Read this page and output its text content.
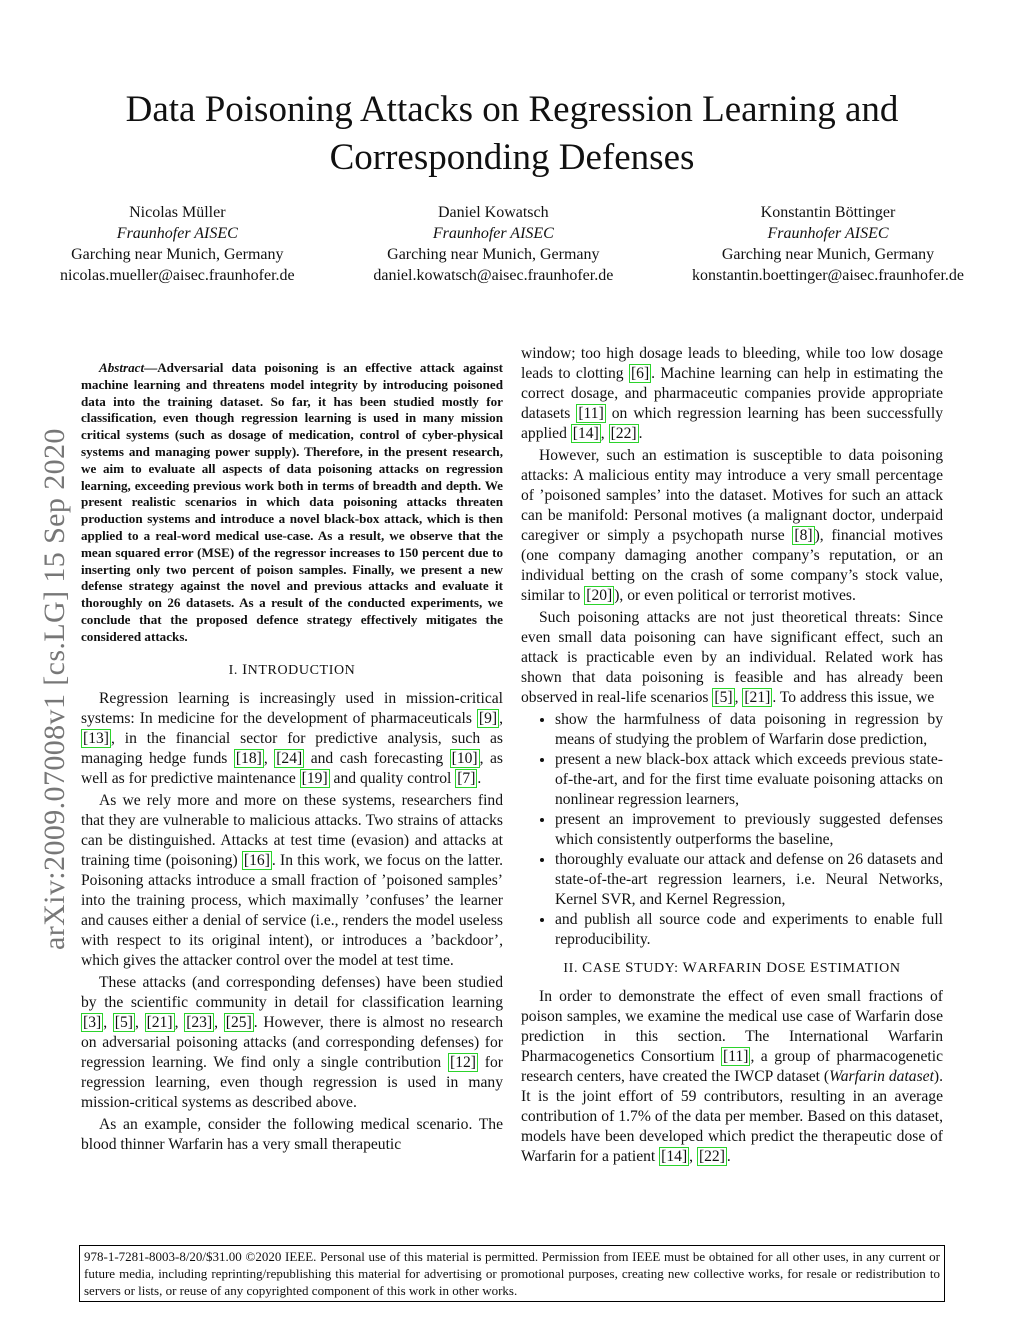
Data Poisoning Attacks on Regression Learning and Corresponding Defenses
Nicolas Müller
Fraunhofer AISEC
Garching near Munich, Germany
nicolas.mueller@aisec.fraunhofer.de
Daniel Kowatsch
Fraunhofer AISEC
Garching near Munich, Germany
daniel.kowatsch@aisec.fraunhofer.de
Konstantin Böttinger
Fraunhofer AISEC
Garching near Munich, Germany
konstantin.boettinger@aisec.fraunhofer.de
arXiv:2009.07008v1 [cs.LG] 15 Sep 2020

Abstract—Adversarial data poisoning is an effective attack against machine learning and threatens model integrity by introducing poisoned data into the training dataset. So far, it has been studied mostly for classification, even though regression learning is used in many mission critical systems (such as dosage of medication, control of cyber-physical systems and managing power supply). Therefore, in the present research, we aim to evaluate all aspects of data poisoning attacks on regression learning, exceeding previous work both in terms of breadth and depth. We present realistic scenarios in which data poisoning attacks threaten production systems and introduce a novel black-box attack, which is then applied to a real-word medical use-case. As a result, we observe that the mean squared error (MSE) of the regressor increases to 150 percent due to inserting only two percent of poison samples. Finally, we present a new defense strategy against the novel and previous attacks and evaluate it thoroughly on 26 datasets. As a result of the conducted experiments, we conclude that the proposed defence strategy effectively mitigates the considered attacks.

I. INTRODUCTION

Regression learning is increasingly used in mission-critical systems: In medicine for the development of pharmaceuticals [9] , [13] , in the financial sector for predictive analysis, such as managing hedge funds [18] , [24] and cash forecasting [10] , as well as for predictive maintenance [19] and quality control [7] .

As we rely more and more on these systems, researchers find that they are vulnerable to malicious attacks. Two strains of attacks can be distinguished. Attacks at test time (evasion) and attacks at training time (poisoning) [16] . In this work, we focus on the latter. Poisoning attacks introduce a small fraction of ’poisoned samples’ into the training process, which maximally ’confuses’ the learner and causes either a denial of service (i.e., renders the model useless with respect to its original intent), or introduces a ’backdoor’, which gives the attacker control over the model at test time.

These attacks (and corresponding defenses) have been studied by the scientific community in detail for classification learning [3] , [5] , [21] , [23] , [25] . However, there is almost no research on adversarial poisoning attacks (and corresponding defenses) for regression learning. We find only a single contribution [12] for regression learning, even though regression is used in many mission-critical systems as described above.

As an example, consider the following medical scenario. The blood thinner Warfarin has a very small therapeutic

window; too high dosage leads to bleeding, while too low dosage leads to clotting [6] . Machine learning can help in estimating the correct dosage, and pharmaceutic companies provide appropriate datasets [11] on which regression learning has been successfully applied [14] , [22] .

However, such an estimation is susceptible to data poisoning attacks: A malicious entity may introduce a very small percentage of ’poisoned samples’ into the dataset. Motives for such an attack can be manifold: Personal motives (a malignant doctor, underpaid caregiver or simply a psychopath nurse [8] ), financial motives (one company damaging another company’s reputation, or an individual betting on the crash of some company’s stock value, similar to [20] ), or even political or terrorist motives.

Such poisoning attacks are not just theoretical threats: Since even small data poisoning can have significant effect, such an attack is practicable even by an individual. Related work has shown that data poisoning is feasible and has already been observed in real-life scenarios [5] , [21] . To address this issue, we

• show the harmfulness of data poisoning in regression by means of studying the problem of Warfarin dose prediction,
• present a new black-box attack which exceeds previous state-of-the-art, and for the first time evaluate poisoning attacks on nonlinear regression learners,
• present an improvement to previously suggested defenses which consistently outperforms the baseline,
• thoroughly evaluate our attack and defense on 26 datasets and state-of-the-art regression learners, i.e. Neural Networks, Kernel SVR, and Kernel Regression,
• and publish all source code and experiments to enable full reproducibility.
II. CASE STUDY: WARFARIN DOSE ESTIMATION

In order to demonstrate the effect of even small fractions of poison samples, we examine the medical use case of Warfarin dose prediction in this section. The International Warfarin Pharmacogenetics Consortium [11] , a group of pharmacogenetic research centers, have created the IWCP dataset (Warfarin dataset). It is the joint effort of 59 contributors, resulting in an average contribution of 1.7% of the data per member. Based on this dataset, models have been developed which predict the therapeutic dose of Warfarin for a patient [14] , [22] .

978-1-7281-8003-8/20/$31.00 ©2020 IEEE. Personal use of this material is permitted. Permission from IEEE must be obtained for all other uses, in any current or future media, including reprinting/republishing this material for advertising or promotional purposes, creating new collective works, for resale or redistribution to servers or lists, or reuse of any copyrighted component of this work in other works.
